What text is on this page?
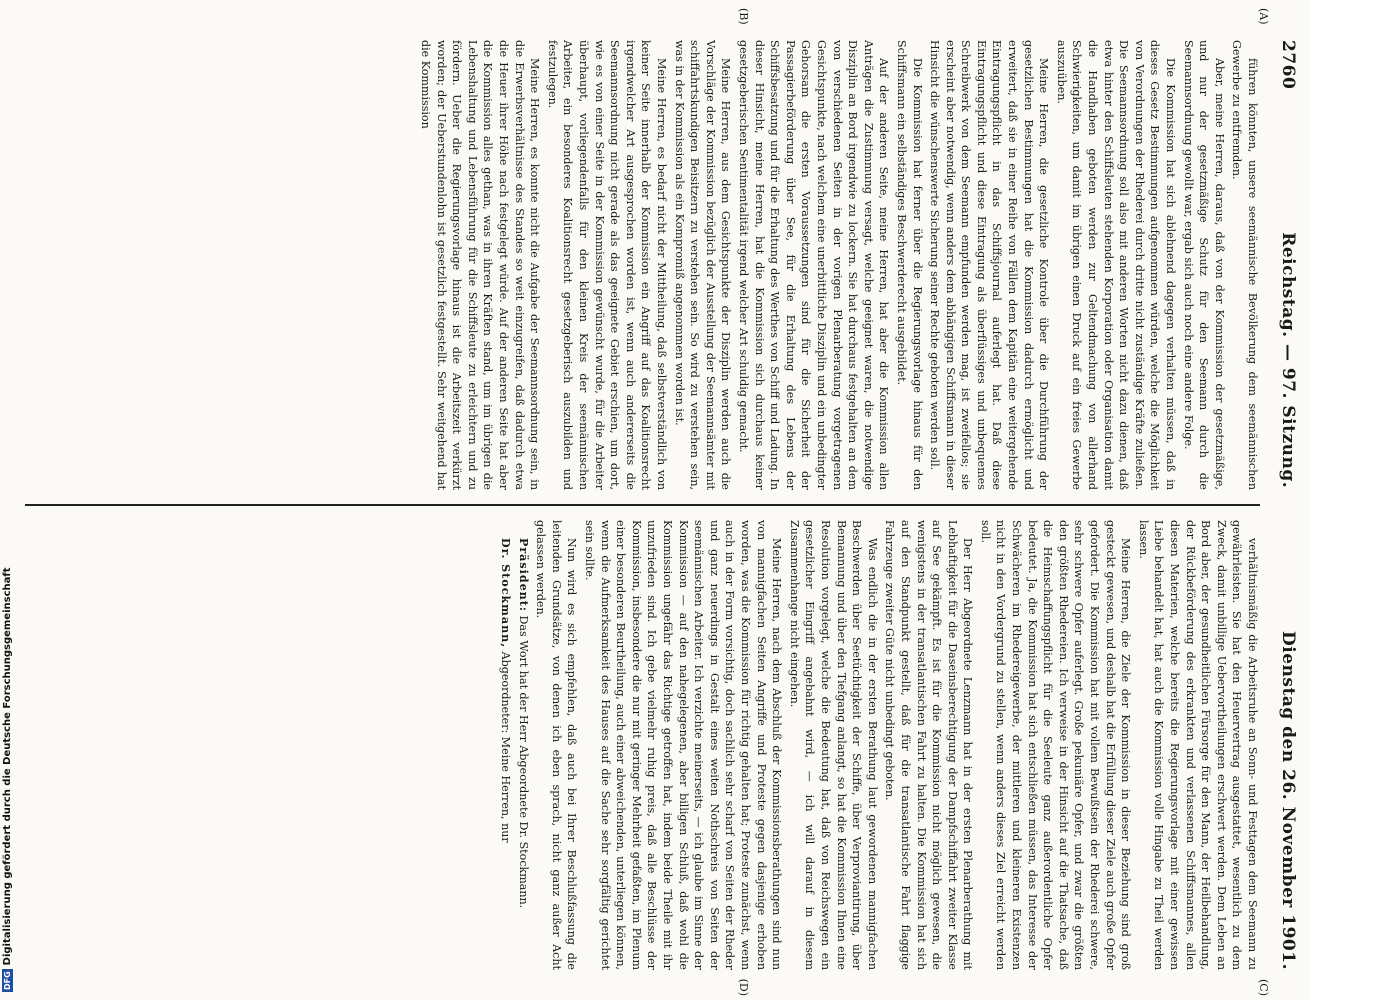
2760
Reichstag. — 97. Sitzung.
Dienstag den 26. November 1901.
(A)
(B)
(C)
(D)

führen könnten, unsere seemännische Bevölkerung dem seemännischen Gewerbe zu entfremden.

Aber, meine Herren, daraus, daß von der Kommission der gesetzmäßige, und nur der gesetzmäßige Schutz für den Seemann durch die Seemannsordnung gewollt war, ergab sich auch noch eine andere Folge.

Die Kommission hat sich ablehnend dagegen verhalten müssen, daß in dieses Gesetz Bestimmungen aufgenommen würden, welche die Möglichkeit von Verordnungen der Rhederei durch dritte nicht zuständige Kräfte zuließen. Die Seemannsordnung soll also mit anderen Worten nicht dazu dienen, daß etwa hinter den Schiffsleuten stehenden Korporation oder Organisation damit die Handhaben geboten werden zur Geltendmachung von allerhand Schwierigkeiten, um damit im übrigen einen Druck auf ein freies Gewerbe auszuüben.

Meine Herren, die gesetzliche Kontrole über die Durchführung der gesetzlichen Bestimmungen hat die Kommission dadurch ermöglicht und erweitert, daß sie in einer Reihe von Fällen dem Kapitän eine weitergehende Eintragungspflicht in das Schiffsjournal auferlegt hat. Daß diese Eintragungspflicht und diese Eintragung als überflüssiges und unbequemes Schreibwerk von dem Seemann empfunden werden mag, ist zweifellos; sie erscheint aber notwendig, wenn anders dem abhängigen Schiffsmann in dieser Hinsicht die wünschenswerte Sicherung seiner Rechte geboten werden soll.

Die Kommission hat ferner über die Regierungsvorlage hinaus für den Schiffsmann ein selbständiges Beschwerderecht ausgebildet.

Auf der anderen Seite, meine Herren, hat aber die Kommission allen Anträgen die Zustimmung versagt, welche geeignet waren, die notwendige Disziplin an Bord irgendwie zu lockern. Sie hat durchaus festgehalten an dem von verschiedenen Seiten in der vorigen Plenarberatung vorgetragenen Gesichtspunkte, nach welchem eine unerbittliche Disziplin und ein unbedingter Gehorsam die ersten Voraussetzungen sind für die Sicherheit der Passagierbeförderung über See, für die Erhaltung des Lebens der Schiffsbesatzung und für die Erhaltung des Werthes von Schiff und Ladung. In dieser Hinsicht, meine Herren, hat die Kommission sich durchaus keiner gesetzgeberischen Sentimentalität irgend welcher Art schuldig gemacht.

Meine Herren, aus dem Gesichtspunkte der Disziplin werden auch die Vorschläge der Kommission bezüglich der Ausstellung der Seemannsämter mit schiffahrtskundigen Beisitzern zu verstehen sein. So wird zu verstehen sein, was in der Kommission als ein Kompromiß angenommen worden ist.

Meine Herren, es bedarf nicht der Mittheilung, daß selbstverständlich von keiner Seite innerhalb der Kommission ein Angriff auf das Koalitionsrecht irgendwelcher Art ausgesprochen worden ist, wenn auch andererseits die Seemannsordnung nicht gerade als das geeignete Gebiet erschien, um dort, wie es von einer Seite in der Kommission gewünscht wurde, für die Arbeiter überhaupt, vorliegendenfalls für den kleinen Kreis der seemännischen Arbeiter, ein besonderes Koalitionsrecht gesetzgeberisch auszubilden und festzulegen.

Meine Herren, es konnte nicht die Aufgabe der Seemannsordnung sein, in die Erwerbsverhältnisse des Standes so weit einzugreifen, daß dadurch etwa die Heuer ihrer Höhe nach festgelegt würde. Auf der anderen Seite hat aber die Kommission alles gethan, was in ihren Kräften stand, um im übrigen die Lebenshaltung und Lebensführung für die Schiffsleute zu erleichtern und zu fördern. Ueber die Regierungsvorlage hinaus ist die Arbeitszeit verkürzt worden; der Ueberstundenlohn ist gesetzlich festgestellt. Sehr weitgehend hat die Kommission

verhältnismäßig die Arbeitsruhe an Sonn- und Festtagen dem Seemann zu gewährleisten. Sie hat den Heuervertrag ausgestattet, wesentlich zu dem Zweck, damit unbillige Uebervortheilungen erschwert werden. Dem Leben an Bord aber, der gesundheitlichen Fürsorge für den Mann, der Heilbehandlung, der Rückbeförderung des erkrankten und verlassenen Schiffsmannes, allen diesen Materien, welche bereits die Regierungsvorlage mit einer gewissen Liebe behandelt hat, hat auch die Kommission volle Hingabe zu Theil werden lassen.

Meine Herren, die Ziele der Kommission in dieser Beziehung sind groß gesteckt gewesen, und deshalb hat die Erfüllung dieser Ziele auch große Opfer gefordert. Die Kommission hat mit vollem Bewußtsein der Rhederei schwere, sehr schwere Opfer auferlegt. Große pekuniäre Opfer, und zwar die größten den größten Rhedereien. Ich verweise in der Hinsicht auf die Thatsache, daß die Heimschaffungspflicht für die Seeleute ganz außerordentliche Opfer bedeutet. Ja, die Kommission hat sich entschließen müssen, das Interesse der Schwächeren im Rhedereigewerbe, der mittleren und kleineren Existenzen nicht in den Vordergrund zu stellen, wenn anders dieses Ziel erreicht werden soll.

Der Herr Abgeordnete Lenzmann hat in der ersten Plenarberathung mit Lebhaftigkeit für die Daseinsberechtigung der Dampfschiffahrt zweiter Klasse auf See gekämpft. Es ist für die Kommission nicht möglich gewesen, die wenigstens in der transatlantischen Fahrt zu halten. Die Kommission hat sich auf den Standpunkt gestellt, daß für die transatlantische Fahrt flaggige Fahrzeuge zweiter Güte nicht unbedingt geboten.

Was endlich die in der ersten Berathung laut gewordenen mannigfachen Beschwerden über Seetüchtigkeit der Schiffe, über Verproviantirung, über Bemannung und über den Tiefgang anlangt, so hat die Kommission Ihnen eine Resolution vorgelegt, welche die Bedeutung hat, daß von Reichswegen ein gesetzlicher Eingriff angebahnt wird, — ich will darauf in diesem Zusammenhange nicht eingehen.

Meine Herren, nach dem Abschluß der Kommissionsberathungen sind nun von mannigfachen Seiten Angriffe und Proteste gegen dasjenige erhoben worden, was die Kommission für richtig gehalten hat; Proteste zunächst, wenn auch in der Form vorsichtig, doch sachlich sehr scharf von Seiten der Rheder und ganz neuerdings in Gestalt eines weiten Nothschreis von Seiten der seemännischen Arbeiter. Ich verzichte meinerseits, — ich glaube im Sinne der Kommission — auf den nahegelegenen, aber billigen Schluß, daß wohl die Kommission ungefähr das Richtige getroffen hat, indem beide Theile mit ihr unzufrieden sind. Ich gebe vielmehr ruhig preis, daß alle Beschlüsse der Kommission, insbesondere die nur mit geringer Mehrheit gefaßten, im Plenum einer besonderen Beurtheilung, auch einer abweichenden, unterliegen können, wenn die Aufmerksamkeit des Hauses auf die Sache sehr sorgfältig gerichtet sein sollte.

Nun wird es sich empfehlen, daß auch bei Ihrer Beschlußfassung die leitenden Grundsätze, von denen ich eben sprach, nicht ganz außer Acht gelassen werden.

Präsident: Das Wort hat der Herr Abgeordnete Dr. Stockmann.

Dr. Stockmann, Abgeordneter: Meine Herren, nur

DFG
Digitalisierung gefördert durch die Deutsche Forschungsgemeinschaft
